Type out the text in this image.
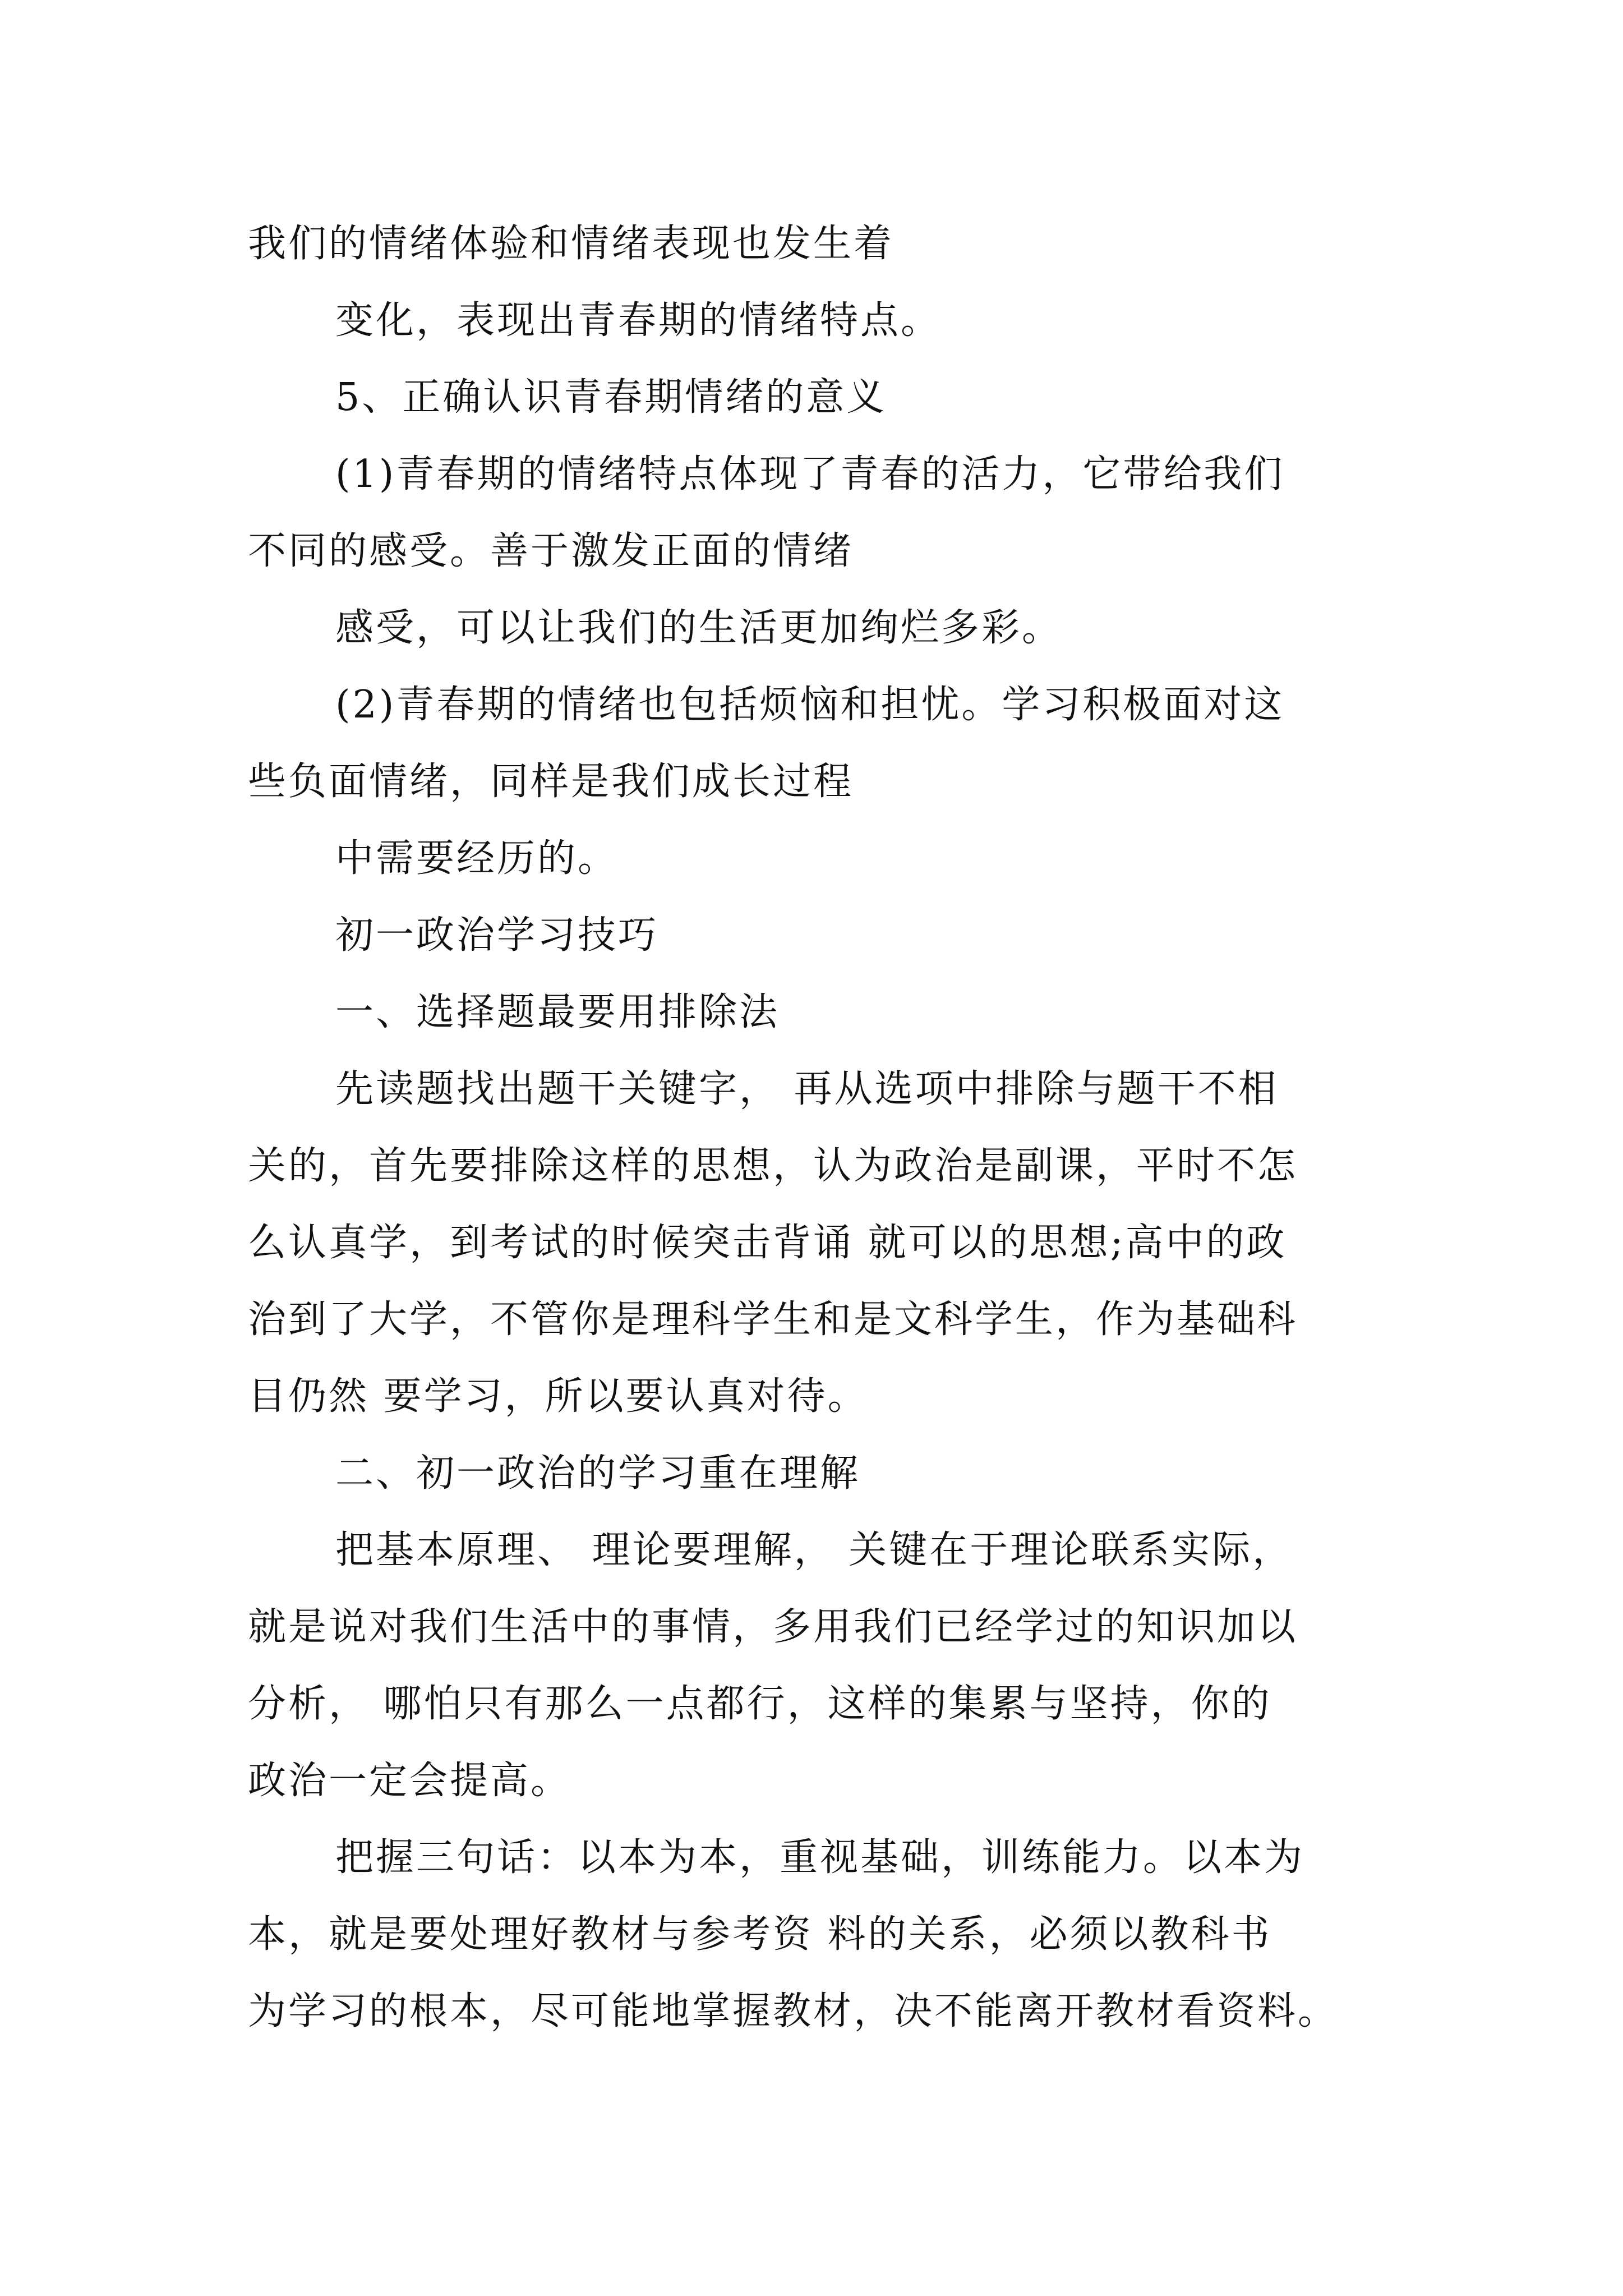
我们的情绪体验和情绪表现也发生着
变化，表现出青春期的情绪特点。
5、正确认识青春期情绪的意义
(1)青春期的情绪特点体现了青春的活力，它带给我们
不同的感受。善于激发正面的情绪
感受，可以让我们的生活更加绚烂多彩。
(2)青春期的情绪也包括烦恼和担忧。学习积极面对这
些负面情绪，同样是我们成长过程
中需要经历的。
初一政治学习技巧
一、选择题最要用排除法
先读题找出题干关键字， 再从选项中排除与题干不相
关的，首先要排除这样的思想，认为政治是副课，平时不怎
么认真学，到考试的时候突击背诵 就可以的思想;高中的政
治到了大学，不管你是理科学生和是文科学生，作为基础科
目仍然 要学习，所以要认真对待。
二、初一政治的学习重在理解
把基本原理、 理论要理解， 关键在于理论联系实际，
就是说对我们生活中的事情，多用我们已经学过的知识加以
分析， 哪怕只有那么一点都行，这样的集累与坚持，你的
政治一定会提高。
把握三句话：以本为本，重视基础，训练能力。以本为
本，就是要处理好教材与参考资 料的关系，必须以教科书
为学习的根本，尽可能地掌握教材，决不能离开教材看资料。
